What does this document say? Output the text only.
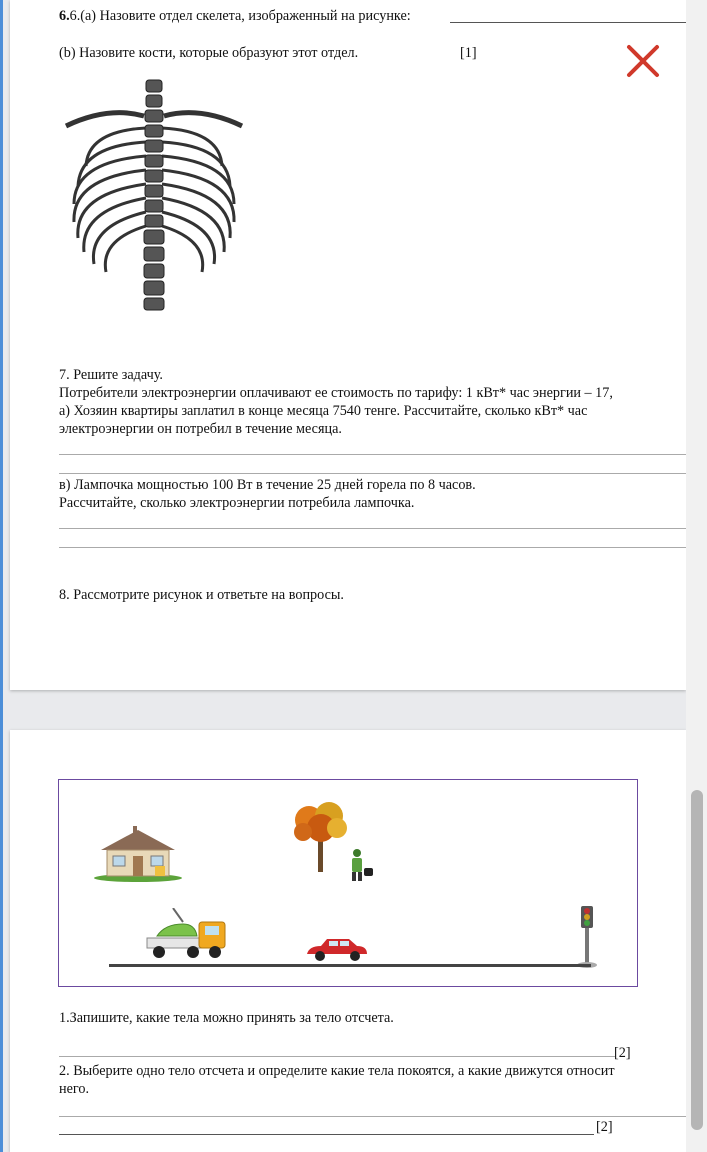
6.6.(а) Назовите отдел скелета, изображенный на рисунке:
(b) Назовите кости, которые образуют этот отдел.	[1]
7. Решите задачу.
Потребители электроэнергии оплачивают ее стоимость по тарифу: 1 кВт* час энергии – 17,
а) Хозяин квартиры заплатил в конце месяца 7540 тенге. Рассчитайте, сколько кВт* час
электроэнергии он потребил в течение месяца.
в) Лампочка мощностью 100 Вт в течение 25 дней горела по 8 часов.
Рассчитайте, сколько электроэнергии потребила лампочка.
8. Рассмотрите рисунок и ответьте на вопросы.
1.Запишите, какие тела можно принять за тело отсчета.
[2]
2. Выберите одно тело отсчета и определите какие тела покоятся, а какие движутся относит
него.
[2]
